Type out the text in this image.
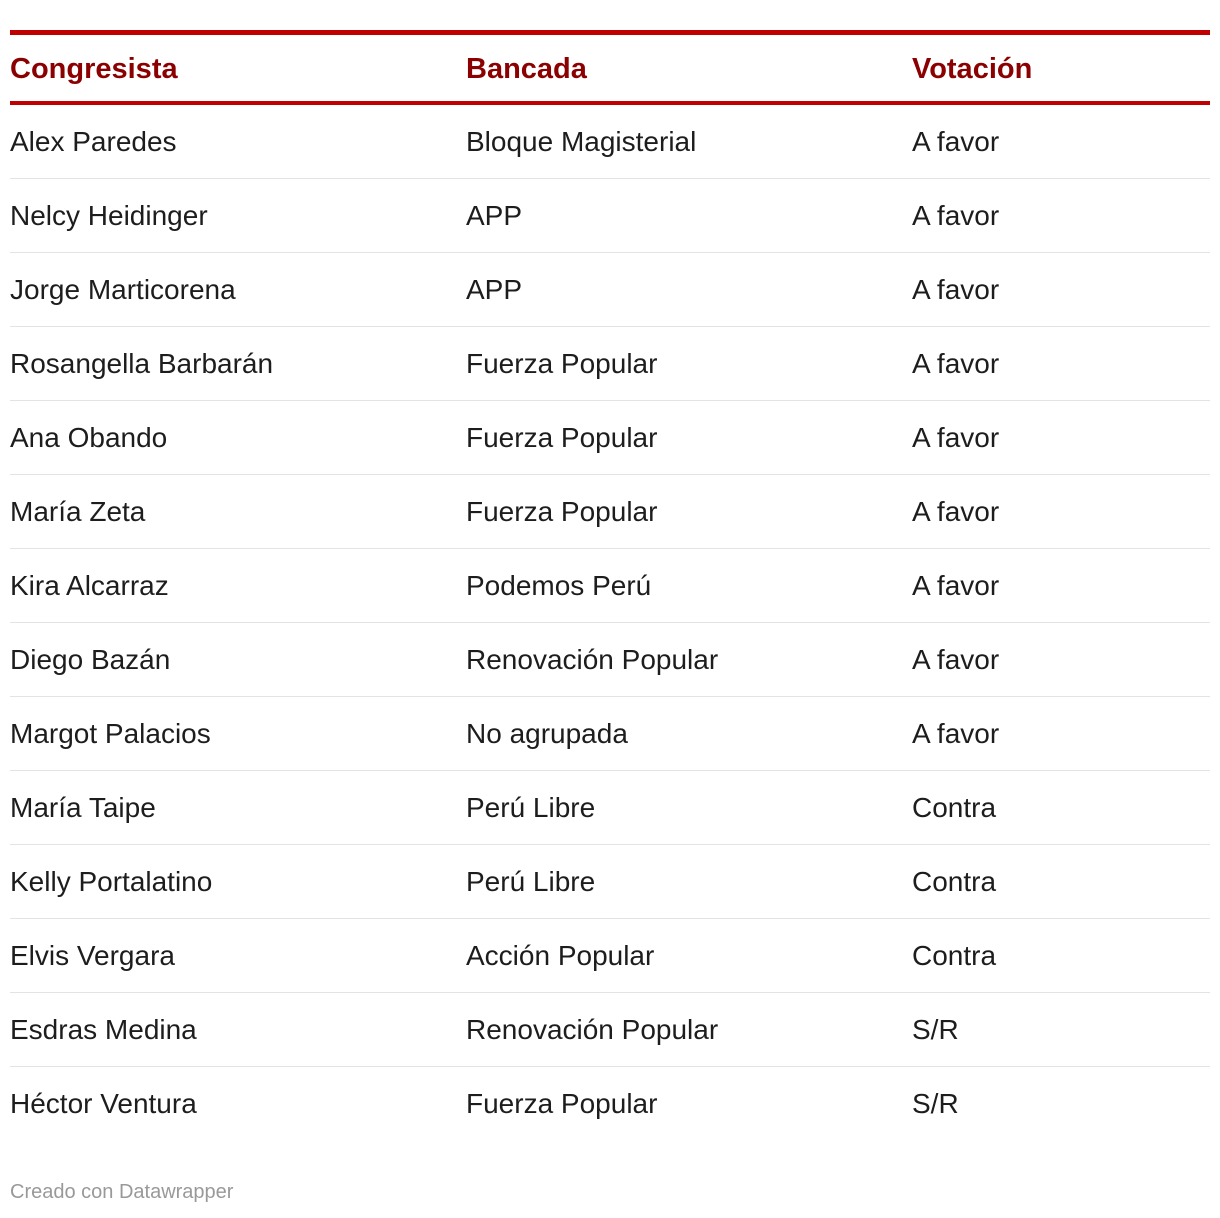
Congresista	Bancada	Votación
Alex Paredes	Bloque Magisterial	A favor
Nelcy Heidinger	APP	A favor
Jorge Marticorena	APP	A favor
Rosangella Barbarán	Fuerza Popular	A favor
Ana Obando	Fuerza Popular	A favor
María Zeta	Fuerza Popular	A favor
Kira Alcarraz	Podemos Perú	A favor
Diego Bazán	Renovación Popular	A favor
Margot Palacios	No agrupada	A favor
María Taipe	Perú Libre	Contra
Kelly Portalatino	Perú Libre	Contra
Elvis Vergara	Acción Popular	Contra
Esdras Medina	Renovación Popular	S/R
Héctor Ventura	Fuerza Popular	S/R
Creado con Datawrapper
